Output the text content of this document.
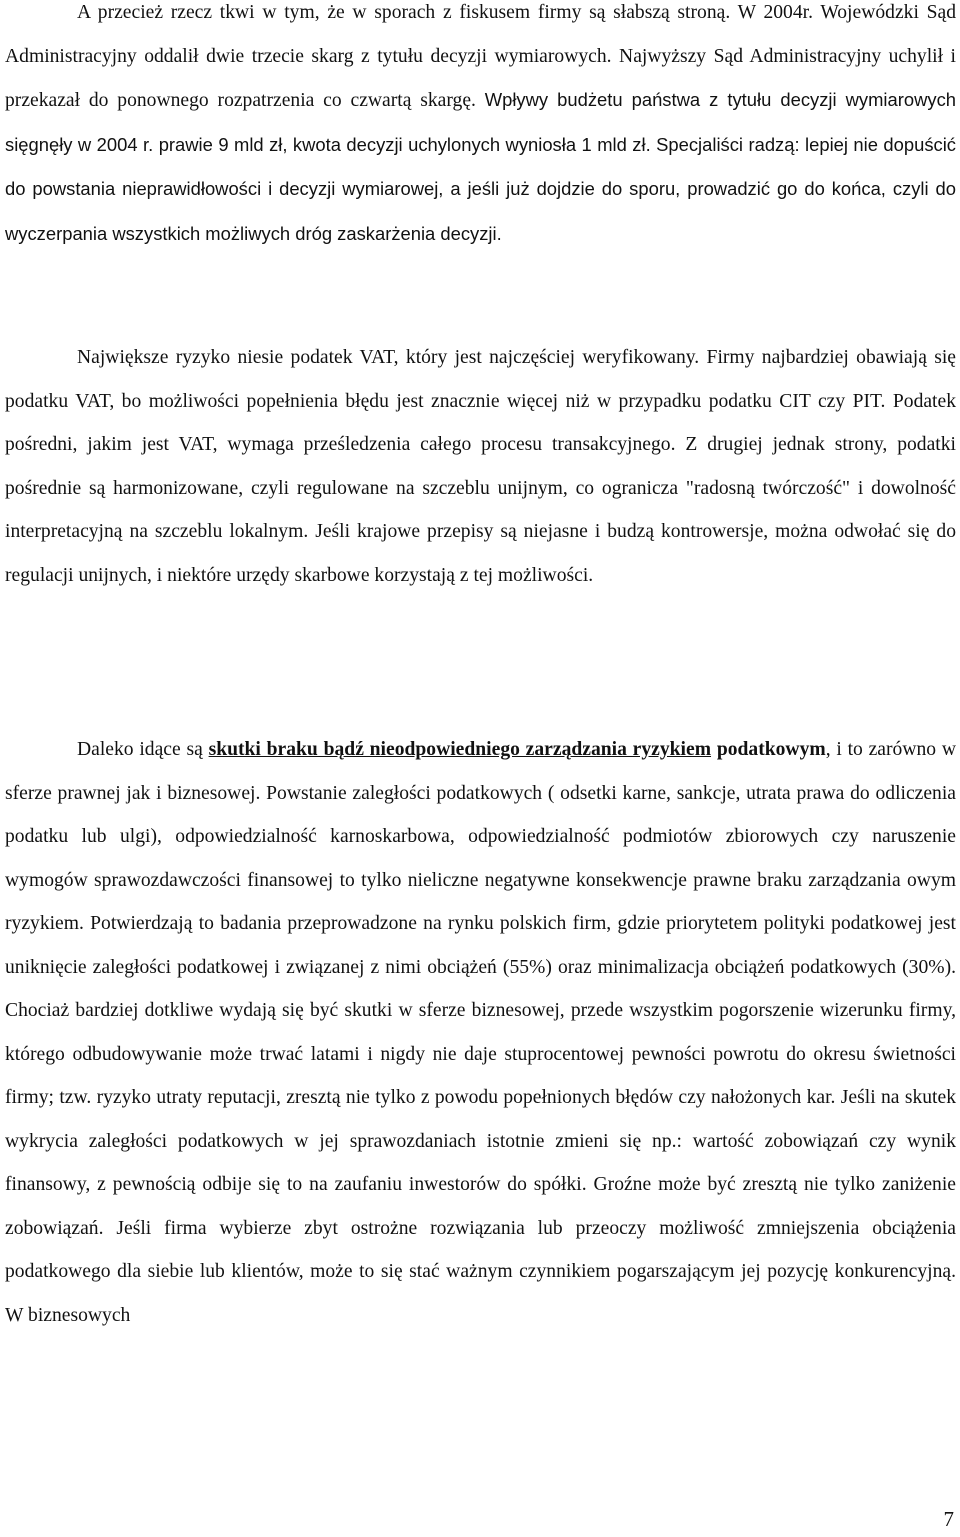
A przecież rzecz tkwi w tym, że w sporach z fiskusem firmy są słabszą stroną. W 2004r. Wojewódzki Sąd Administracyjny oddalił dwie trzecie skarg z tytułu decyzji wymiarowych. Najwyższy Sąd Administracyjny uchylił i przekazał do ponownego rozpatrzenia co czwartą skargę. Wpływy budżetu państwa z tytułu decyzji wymiarowych sięgnęły w 2004 r. prawie 9 mld zł, kwota decyzji uchylonych wyniosła 1 mld zł. Specjaliści radzą: lepiej nie dopuścić do powstania nieprawidłowości i decyzji wymiarowej, a jeśli już dojdzie do sporu, prowadzić go do końca, czyli do wyczerpania wszystkich możliwych dróg zaskarżenia decyzji.

Największe ryzyko niesie podatek VAT, który jest najczęściej weryfikowany. Firmy najbardziej obawiają się podatku VAT, bo możliwości popełnienia błędu jest znacznie więcej niż w przypadku podatku CIT czy PIT. Podatek pośredni, jakim jest VAT, wymaga prześledzenia całego procesu transakcyjnego. Z drugiej jednak strony, podatki pośrednie są harmonizowane, czyli regulowane na szczeblu unijnym, co ogranicza "radosną twórczość" i dowolność interpretacyjną na szczeblu lokalnym. Jeśli krajowe przepisy są niejasne i budzą kontrowersje, można odwołać się do regulacji unijnych, i niektóre urzędy skarbowe korzystają z tej możliwości.

Daleko idące są skutki braku bądź nieodpowiedniego zarządzania ryzykiem podatkowym, i to zarówno w sferze prawnej jak i biznesowej. Powstanie zaległości podatkowych ( odsetki karne, sankcje, utrata prawa do odliczenia podatku lub ulgi), odpowiedzialność karnoskarbowa, odpowiedzialność podmiotów zbiorowych czy naruszenie wymogów sprawozdawczości finansowej to tylko nieliczne negatywne konsekwencje prawne braku zarządzania owym ryzykiem. Potwierdzają to badania przeprowadzone na rynku polskich firm, gdzie priorytetem polityki podatkowej jest uniknięcie zaległości podatkowej i związanej z nimi obciążeń (55%) oraz minimalizacja obciążeń podatkowych (30%). Chociaż bardziej dotkliwe wydają się być skutki w sferze biznesowej, przede wszystkim pogorszenie wizerunku firmy, którego odbudowywanie może trwać latami i nigdy nie daje stuprocentowej pewności powrotu do okresu świetności firmy; tzw. ryzyko utraty reputacji, zresztą nie tylko z powodu popełnionych błędów czy nałożonych kar. Jeśli na skutek wykrycia zaległości podatkowych w jej sprawozdaniach istotnie zmieni się np.: wartość zobowiązań czy wynik finansowy, z pewnością odbije się to na zaufaniu inwestorów do spółki. Groźne może być zresztą nie tylko zaniżenie zobowiązań. Jeśli firma wybierze zbyt ostrożne rozwiązania lub przeoczy możliwość zmniejszenia obciążenia podatkowego dla siebie lub klientów, może to się stać ważnym czynnikiem pogarszającym jej pozycję konkurencyjną. W biznesowych

7
